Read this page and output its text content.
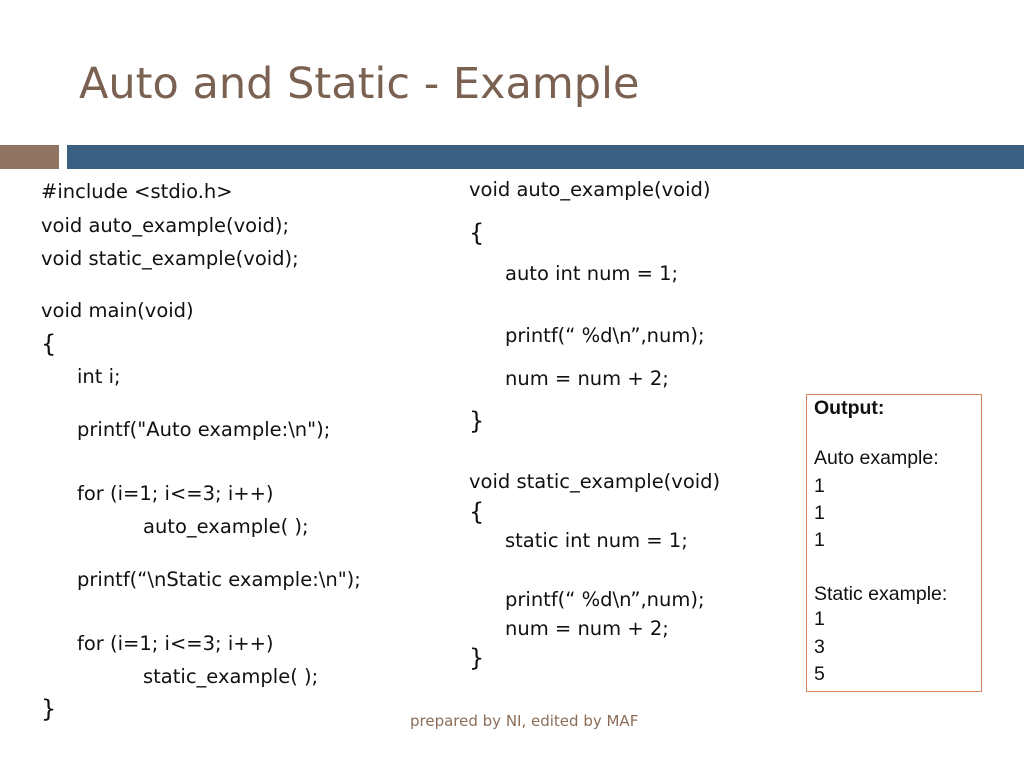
Auto and Static - Example

#include <stdio.h>

void auto_example(void);

void static_example(void);

void main(void)

{

int i;

printf("Auto example:\n");

for (i=1; i<=3; i++)

auto_example( );

printf(“\nStatic example:\n");

for (i=1; i<=3; i++)

static_example( );

}

void auto_example(void)

{

auto int num = 1;

printf(“ %d\n”,num);

num = num + 2;

}

void static_example(void)

{

static int num = 1;

printf(“ %d\n”,num);

num = num + 2;

}

Output:
Auto example:
1
1
1
Static example:
1
3
5
prepared by NI, edited by MAF
